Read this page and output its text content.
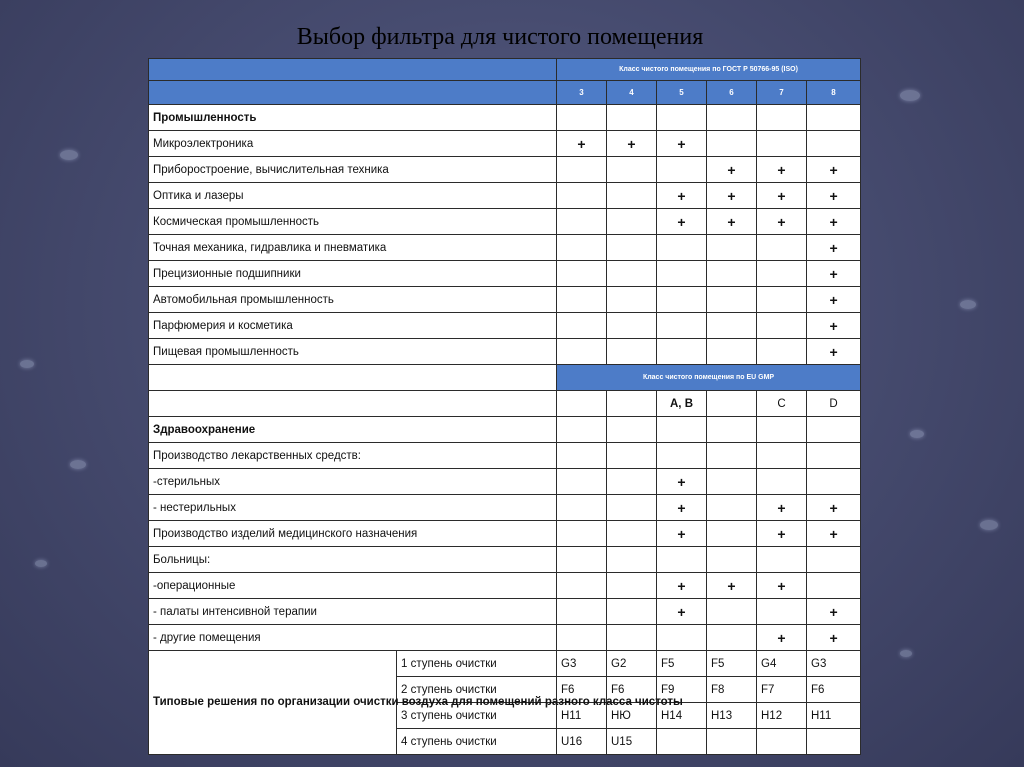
Выбор фильтра для чистого помещения
		Класс чистого помещения по ГОСТ Р 50766-95 (ISO)					
		3	4	5	6	7	8
Промышленность							
Микроэлектроника		+	+	+			
Приборостроение, вычислительная техника					+	+	+
Оптика и лазеры				+	+	+	+
Космическая промышленность				+	+	+	+
Точная механика, гидравлика и пневматика							+
Прецизионные подшипники							+
Автомобильная промышленность							+
Парфюмерия и косметика							+
Пищевая промышленность							+
		Класс чистого помещения по EU GMP					
				A, B		C	D
Здравоохранение							
Производство лекарственных средств:							
-стерильных				+			
- нестерильных				+		+	+
Производство изделий медицинского назначения				+		+	+
Больницы:							
-операционные				+	+	+	
- палаты интенсивной терапии				+			+
- другие помещения						+	+
Типовые решения по организации очистки воздуха для помещений разного класса чистоты	1 ступень очистки	G3	G2	F5	F5	G4	G3
	2 ступень очистки	F6	F6	F9	F8	F7	F6
	3 ступень очистки	H11	НЮ	H14	H13	H12	H11
	4 ступень очистки	U16	U15				
